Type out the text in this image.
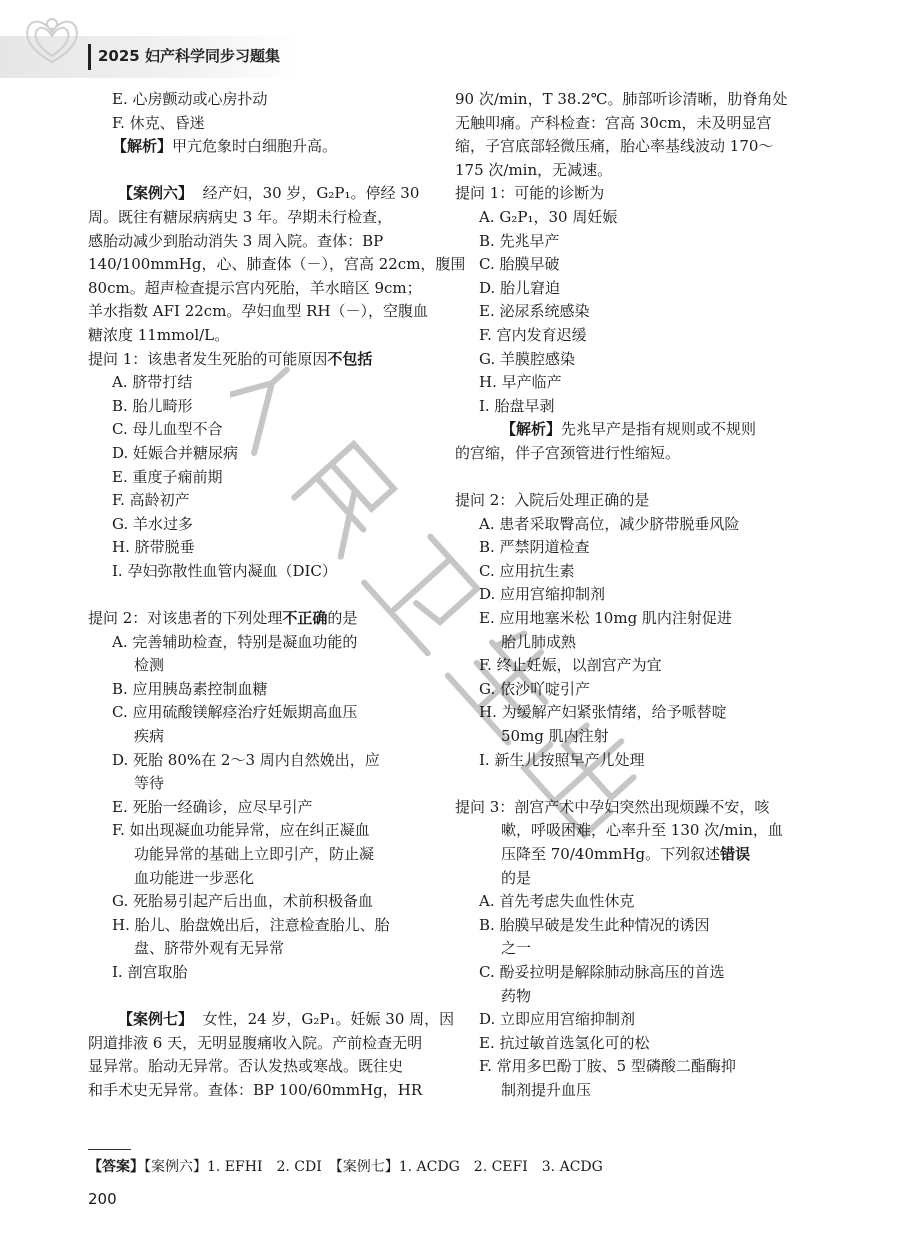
2025 妇产科学同步习题集
E. 心房颤动或心房扑动
F. 休克、昏迷
【解析】甲亢危象时白细胞升高。
【案例六】 经产妇，30 岁，G₂P₁。停经 30
周。既往有糖尿病病史 3 年。孕期未行检查，
感胎动减少到胎动消失 3 周入院。查体：BP
140/100mmHg，心、肺查体（－），宫高 22cm，腹围
80cm。超声检查提示宫内死胎，羊水暗区 9cm；
羊水指数 AFI 22cm。孕妇血型 RH（－），空腹血
糖浓度 11mmol/L。
提问 1：该患者发生死胎的可能原因不包括
A. 脐带打结
B. 胎儿畸形
C. 母儿血型不合
D. 妊娠合并糖尿病
E. 重度子痫前期
F. 高龄初产
G. 羊水过多
H. 脐带脱垂
I. 孕妇弥散性血管内凝血（DIC）
提问 2：对该患者的下列处理不正确的是
A. 完善辅助检查，特别是凝血功能的
检测
B. 应用胰岛素控制血糖
C. 应用硫酸镁解痉治疗妊娠期高血压
疾病
D. 死胎 80%在 2～3 周内自然娩出，应
等待
E. 死胎一经确诊，应尽早引产
F. 如出现凝血功能异常，应在纠正凝血
功能异常的基础上立即引产，防止凝
血功能进一步恶化
G. 死胎易引起产后出血，术前积极备血
H. 胎儿、胎盘娩出后，注意检查胎儿、胎
盘、脐带外观有无异常
I. 剖宫取胎
【案例七】 女性，24 岁，G₂P₁。妊娠 30 周，因
阴道排液 6 天，无明显腹痛收入院。产前检查无明
显异常。胎动无异常。否认发热或寒战。既往史
和手术史无异常。查体：BP 100/60mmHg，HR
90 次/min，T 38.2℃。肺部听诊清晰，肋脊角处
无触叩痛。产科检查：宫高 30cm，未及明显宫
缩，子宫底部轻微压痛，胎心率基线波动 170～
175 次/min，无减速。
提问 1：可能的诊断为
A. G₂P₁，30 周妊娠
B. 先兆早产
C. 胎膜早破
D. 胎儿窘迫
E. 泌尿系统感染
F. 宫内发育迟缓
G. 羊膜腔感染
H. 早产临产
I. 胎盘早剥
【解析】先兆早产是指有规则或不规则
的宫缩，伴子宫颈管进行性缩短。
提问 2：入院后处理正确的是
A. 患者采取臀高位，减少脐带脱垂风险
B. 严禁阴道检查
C. 应用抗生素
D. 应用宫缩抑制剂
E. 应用地塞米松 10mg 肌内注射促进
胎儿肺成熟
F. 终止妊娠，以剖宫产为宜
G. 依沙吖啶引产
H. 为缓解产妇紧张情绪，给予哌替啶
50mg 肌内注射
I. 新生儿按照早产儿处理
提问 3：剖宫产术中孕妇突然出现烦躁不安，咳
嗽，呼吸困难，心率升至 130 次/min，血
压降至 70/40mmHg。下列叙述错误
的是
A. 首先考虑失血性休克
B. 胎膜早破是发生此种情况的诱因
之一
C. 酚妥拉明是解除肺动脉高压的首选
药物
D. 立即应用宫缩抑制剂
E. 抗过敏首选氢化可的松
F. 常用多巴酚丁胺、5 型磷酸二酯酶抑
制剂提升血压
【答案】【案例六】1. EFHI　2. CDI　【案例七】1. ACDG　2. CEFI　3. ACDG
200
